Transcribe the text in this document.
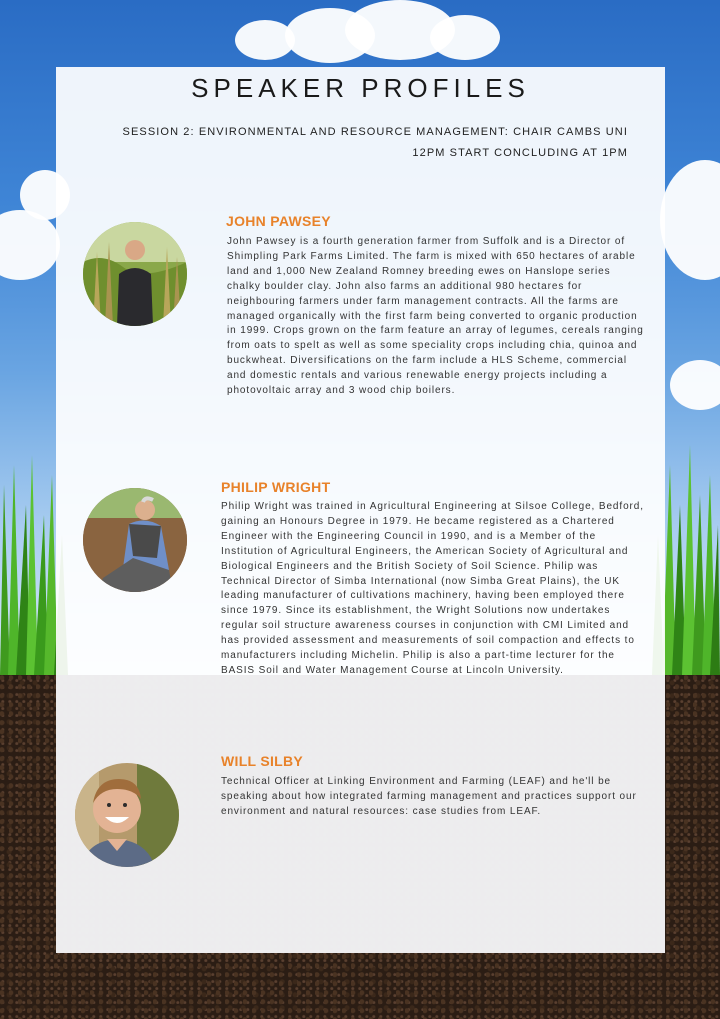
SPEAKER PROFILES
SESSION 2: ENVIRONMENTAL AND RESOURCE MANAGEMENT: CHAIR CAMBS UNI
12PM START CONCLUDING AT 1PM
JOHN PAWSEY
John Pawsey is a fourth generation farmer from Suffolk and is a Director of Shimpling Park Farms Limited. The farm is mixed with 650 hectares of arable land and 1,000 New Zealand Romney breeding ewes on Hanslope series chalky boulder clay. John also farms an additional 980 hectares for neighbouring farmers under farm management contracts. All the farms are managed organically with the first farm being converted to organic production in 1999. Crops grown on the farm feature an array of legumes, cereals ranging from oats to spelt as well as some speciality crops including chia, quinoa and buckwheat. Diversifications on the farm include a HLS Scheme, commercial and domestic rentals and various renewable energy projects including a photovoltaic array and 3 wood chip boilers.
PHILIP WRIGHT
Philip Wright was trained in Agricultural Engineering at Silsoe College, Bedford, gaining an Honours Degree in 1979. He became registered as a Chartered Engineer with the Engineering Council in 1990, and is a Member of the Institution of Agricultural Engineers, the American Society of Agricultural and Biological Engineers and the British Society of Soil Science. Philip was Technical Director of Simba International (now Simba Great Plains), the UK leading manufacturer of cultivations machinery, having been employed there since 1979. Since its establishment, the Wright Solutions now undertakes regular soil structure awareness courses in conjunction with CMI Limited and has provided assessment and measurements of soil compaction and effects to manufacturers including Michelin. Philip is also a part-time lecturer for the BASIS Soil and Water Management Course at Lincoln University.
WILL SILBY
Technical Officer at Linking Environment and Farming (LEAF) and he'll be speaking about how integrated farming management and practices support our environment and natural resources: case studies from LEAF.
